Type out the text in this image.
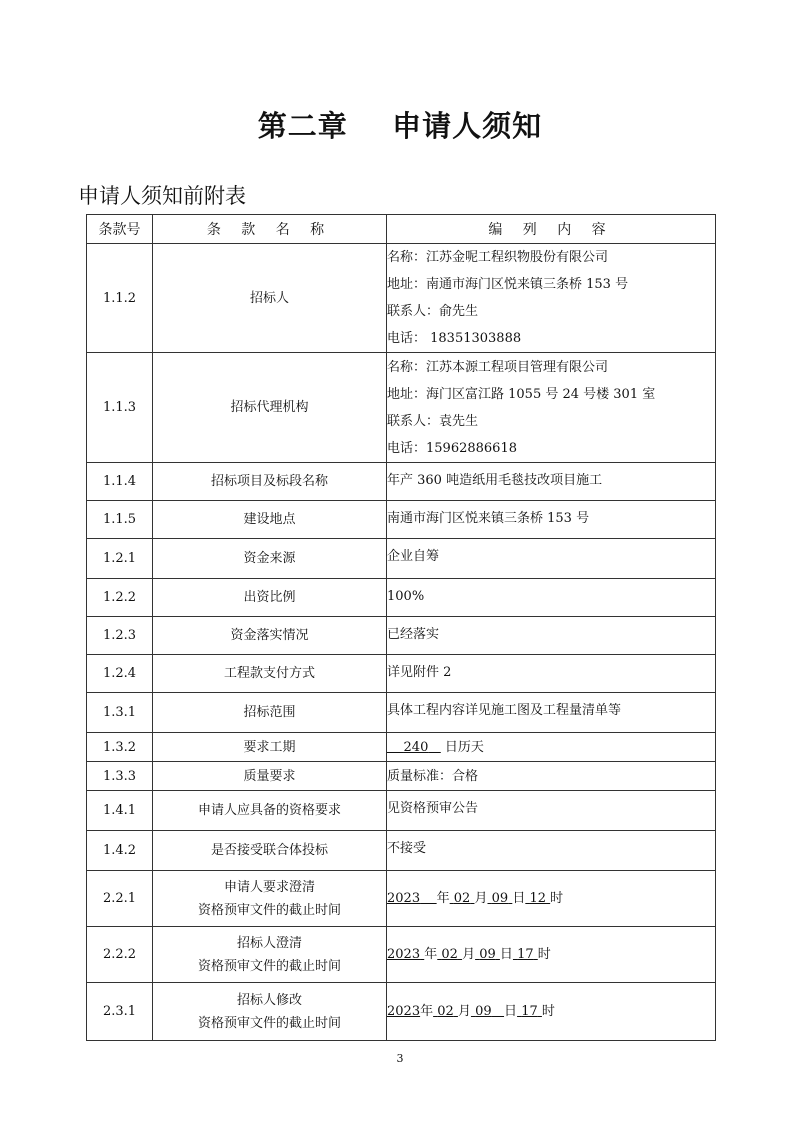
第二章    申请人须知
申请人须知前附表
条款号	条 款 名 称	编 列 内 容
1.1.2	招标人	名称：江苏金呢工程织物股份有限公司
地址：南通市海门区悦来镇三条桥 153 号
联系人：俞先生
电话： 18351303888

1.1.3	招标代理机构	名称：江苏本源工程项目管理有限公司
地址：海门区富江路 1055 号 24 号楼 301 室
联系人：袁先生
电话：15962886618

1.1.4	招标项目及标段名称	年产 360 吨造纸用毛毯技改项目施工

1.1.5	建设地点	南通市海门区悦来镇三条桥 153 号

1.2.1	资金来源	企业自筹

1.2.2	出资比例	100%

1.2.3	资金落实情况	已经落实

1.2.4	工程款支付方式	详见附件 2

1.3.1	招标范围	具体工程内容详见施工图及工程量清单等

1.3.2	要求工期	240 日历天

1.3.3	质量要求	质量标准：合格

1.4.1	申请人应具备的资格要求	见资格预审公告

1.4.2	是否接受联合体投标	不接受

2.2.1	申请人要求澄清
资格预审文件的截止时间	2023 年 02 月 09 日 12 时

2.2.2	招标人澄清
资格预审文件的截止时间	2023 年 02 月 09 日 17 时

2.3.1	招标人修改
资格预审文件的截止时间	2023年 02 月 09 日 17 时
3
